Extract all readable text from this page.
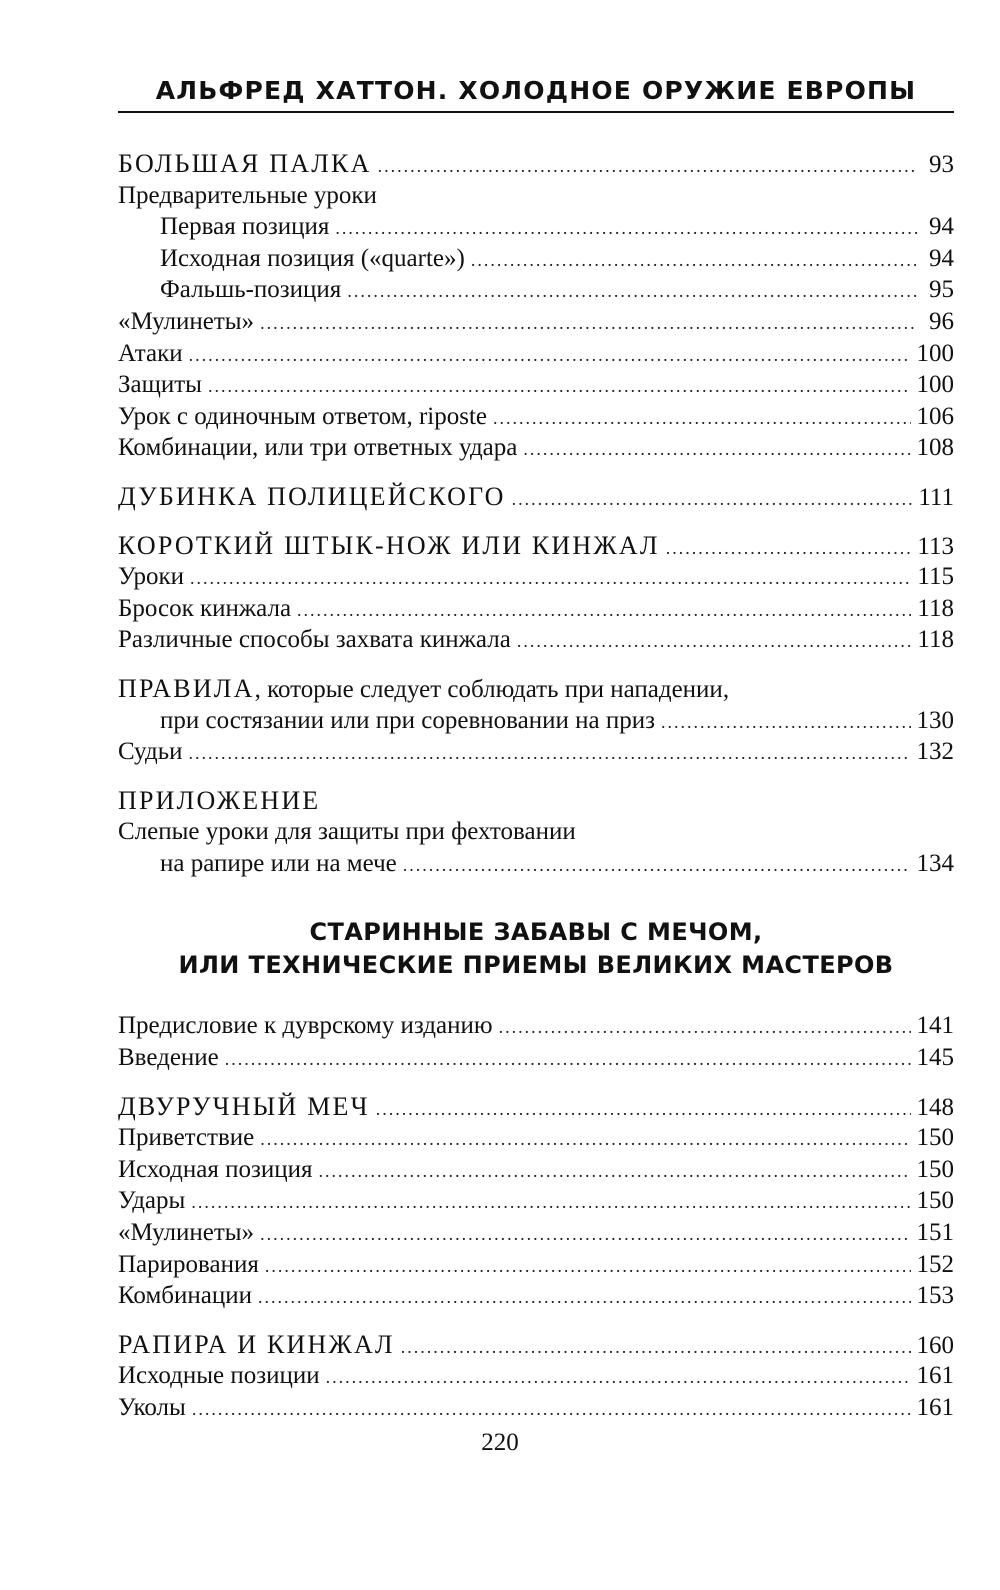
АЛЬФРЕД ХАТТОН. ХОЛОДНОЕ ОРУЖИЕ ЕВРОПЫ
БОЛЬШАЯ ПАЛКА .....	93
Предварительные уроки
Первая позиция .....	94
Исходная позиция («quarte») .....	94
Фальшь-позиция .....	95
«Мулинеты» .....	96
Атаки .....	100
Защиты .....	100
Урок с одиночным ответом, riposte .....	106
Комбинации, или три ответных удара .....	108
ДУБИНКА ПОЛИЦЕЙСКОГО .....	111
КОРОТКИЙ ШТЫК-НОЖ ИЛИ КИНЖАЛ .....	113
Уроки .....	115
Бросок кинжала .....	118
Различные способы захвата кинжала .....	118
ПРАВИЛА, которые следует соблюдать при нападении,
при состязании или при соревновании на приз .....	130
Судьи .....	132
ПРИЛОЖЕНИЕ
Слепые уроки для защиты при фехтовании
на рапире или на мече .....	134
СТАРИННЫЕ ЗАБАВЫ С МЕЧОМ,
ИЛИ ТЕХНИЧЕСКИЕ ПРИЕМЫ ВЕЛИКИХ МАСТЕРОВ
Предисловие к дуврскому изданию .....	141
Введение .....	145
ДВУРУЧНЫЙ МЕЧ .....	148
Приветствие .....	150
Исходная позиция .....	150
Удары .....	150
«Мулинеты» .....	151
Парирования .....	152
Комбинации .....	153
РАПИРА И КИНЖАЛ .....	160
Исходные позиции .....	161
Уколы .....	161
220
